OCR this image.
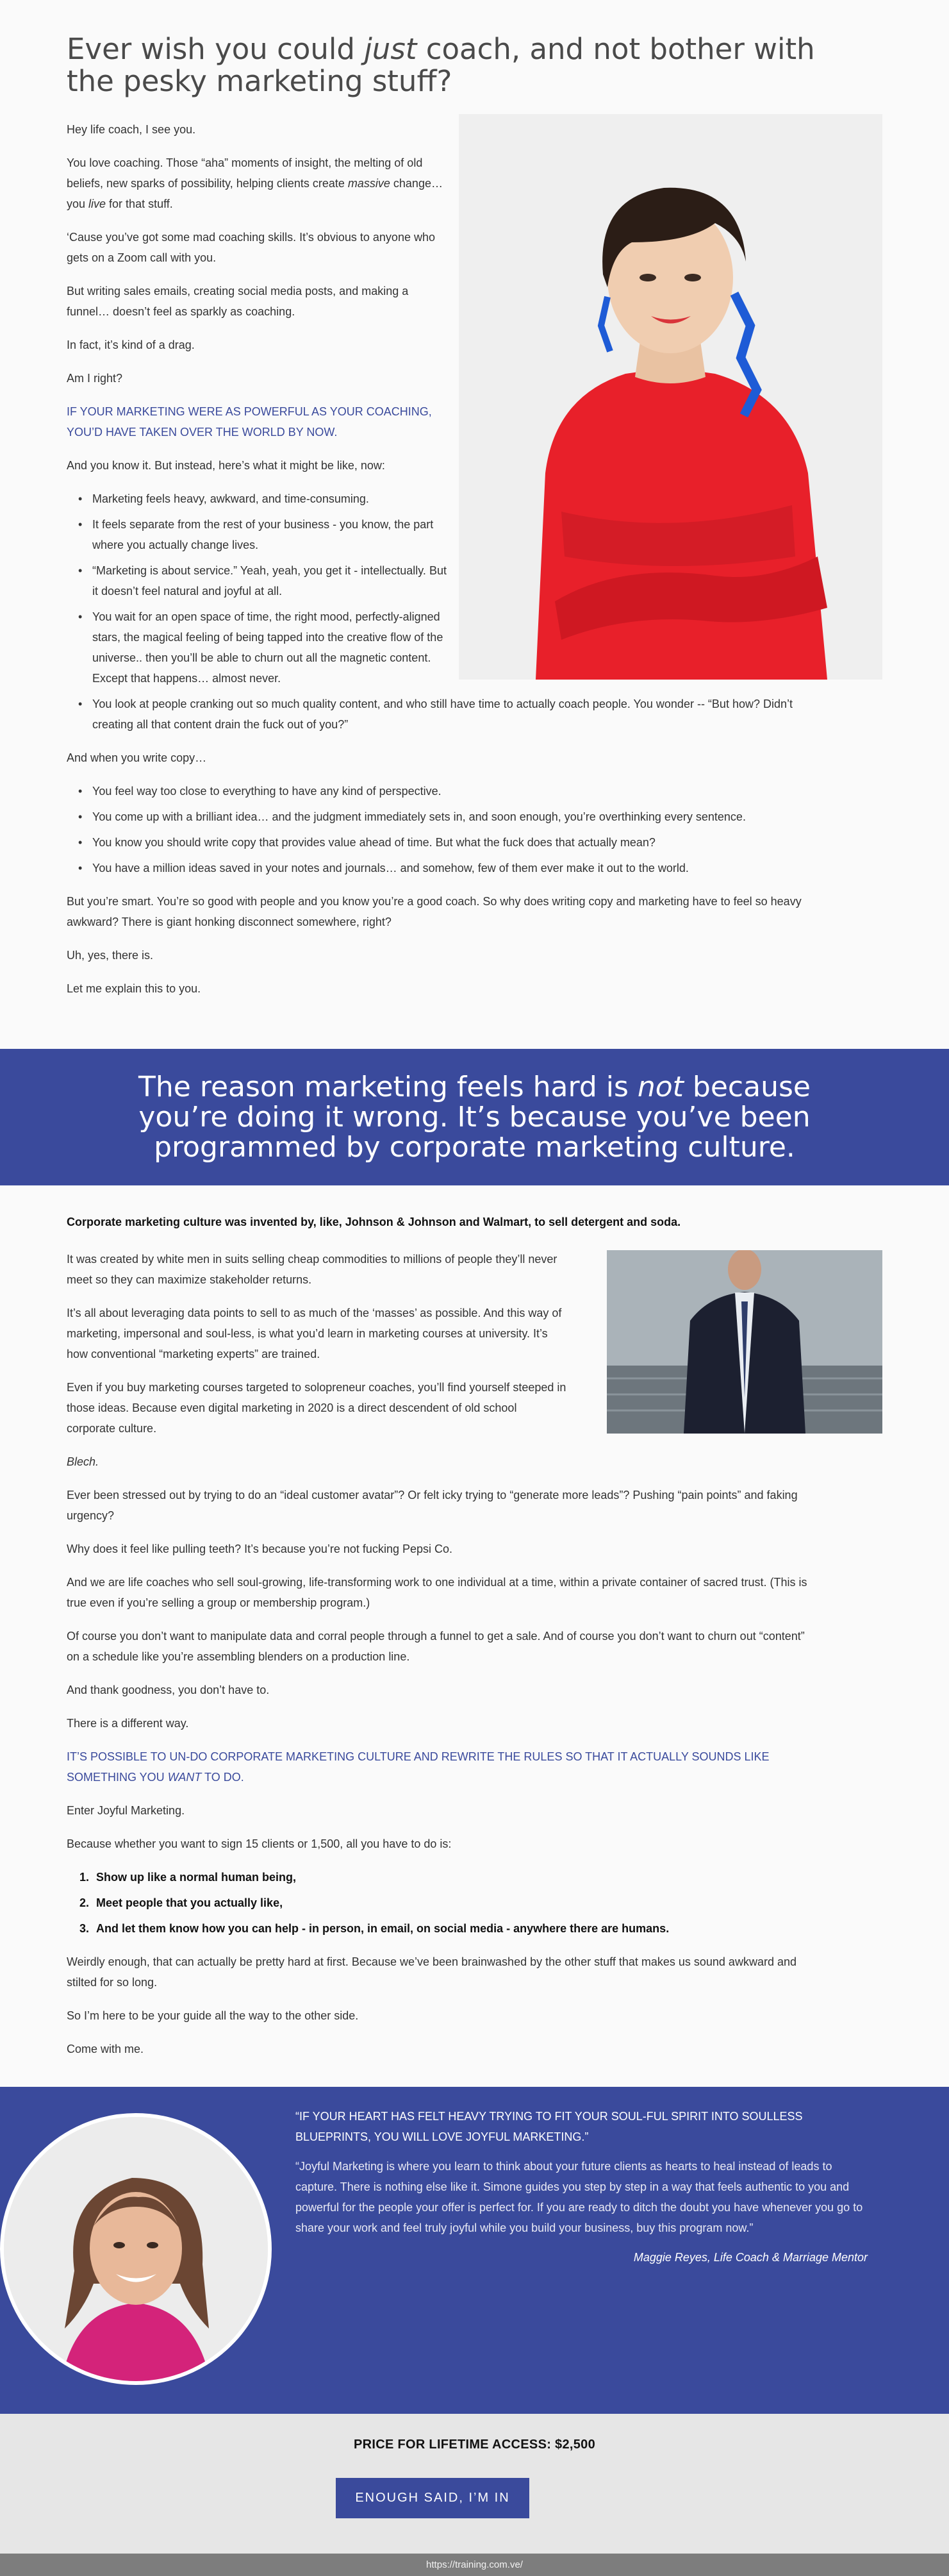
Ever wish you could just coach, and not bother with the pesky marketing stuff?

Hey life coach, I see you.

You love coaching. Those “aha” moments of insight, the melting of old beliefs, new sparks of possibility, helping clients create massive change… you live for that stuff.

‘Cause you’ve got some mad coaching skills. It’s obvious to anyone who gets on a Zoom call with you.

But writing sales emails, creating social media posts, and making a funnel… doesn’t feel as sparkly as coaching.

In fact, it’s kind of a drag.

Am I right?

IF YOUR MARKETING WERE AS POWERFUL AS YOUR COACHING, YOU’D HAVE TAKEN OVER THE WORLD BY NOW.

And you know it. But instead, here’s what it might be like, now:

• Marketing feels heavy, awkward, and time-consuming.
• It feels separate from the rest of your business - you know, the part where you actually change lives.
• “Marketing is about service.” Yeah, yeah, you get it - intellectually. But it doesn’t feel natural and joyful at all.
• You wait for an open space of time, the right mood, perfectly-aligned stars, the magical feeling of being tapped into the creative flow of the universe.. then you’ll be able to churn out all the magnetic content. Except that happens… almost never.
• You look at people cranking out so much quality content, and who still have time to actually coach people. You wonder -- “But how? Didn’t creating all that content drain the fuck out of you?”

And when you write copy…

• You feel way too close to everything to have any kind of perspective.
• You come up with a brilliant idea… and the judgment immediately sets in, and soon enough, you’re overthinking every sentence.
• You know you should write copy that provides value ahead of time. But what the fuck does that actually mean?
• You have a million ideas saved in your notes and journals… and somehow, few of them ever make it out to the world.

But you’re smart. You’re so good with people and you know you’re a good coach. So why does writing copy and marketing have to feel so heavy awkward? There is giant honking disconnect somewhere, right?

Uh, yes, there is.

Let me explain this to you.

The reason marketing feels hard is not because you’re doing it wrong. It’s because you’ve been programmed by corporate marketing culture.

Corporate marketing culture was invented by, like, Johnson & Johnson and Walmart, to sell detergent and soda.

It was created by white men in suits selling cheap commodities to millions of people they’ll never meet so they can maximize stakeholder returns.

It’s all about leveraging data points to sell to as much of the ‘masses’ as possible. And this way of marketing, impersonal and soul-less, is what you’d learn in marketing courses at university. It’s how conventional “marketing experts” are trained.

Even if you buy marketing courses targeted to solopreneur coaches, you’ll find yourself steeped in those ideas. Because even digital marketing in 2020 is a direct descendent of old school corporate culture.

Blech.

Ever been stressed out by trying to do an “ideal customer avatar”? Or felt icky trying to “generate more leads”? Pushing “pain points” and faking urgency?

Why does it feel like pulling teeth? It’s because you’re not fucking Pepsi Co.

And we are life coaches who sell soul-growing, life-transforming work to one individual at a time, within a private container of sacred trust. (This is true even if you’re selling a group or membership program.)

Of course you don’t want to manipulate data and corral people through a funnel to get a sale. And of course you don’t want to churn out “content” on a schedule like you’re assembling blenders on a production line.

And thank goodness, you don’t have to.

There is a different way.

IT’S POSSIBLE TO UN-DO CORPORATE MARKETING CULTURE AND REWRITE THE RULES SO THAT IT ACTUALLY SOUNDS LIKE SOMETHING YOU WANT TO DO.

Enter Joyful Marketing.

Because whether you want to sign 15 clients or 1,500, all you have to do is:

1. Show up like a normal human being,
2. Meet people that you actually like,
3. And let them know how you can help - in person, in email, on social media - anywhere there are humans.

Weirdly enough, that can actually be pretty hard at first. Because we’ve been brainwashed by the other stuff that makes us sound awkward and stilted for so long.

So I’m here to be your guide all the way to the other side.

Come with me.

“IF YOUR HEART HAS FELT HEAVY TRYING TO FIT YOUR SOUL-FUL SPIRIT INTO SOULLESS BLUEPRINTS, YOU WILL LOVE JOYFUL MARKETING.”

“Joyful Marketing is where you learn to think about your future clients as hearts to heal instead of leads to capture. There is nothing else like it. Simone guides you step by step in a way that feels authentic to you and powerful for the people your offer is perfect for. If you are ready to ditch the doubt you have whenever you go to share your work and feel truly joyful while you build your business, buy this program now.”

Maggie Reyes, Life Coach & Marriage Mentor

PRICE FOR LIFETIME ACCESS: $2,500
ENOUGH SAID, I’M IN
https://training.com.ve/
